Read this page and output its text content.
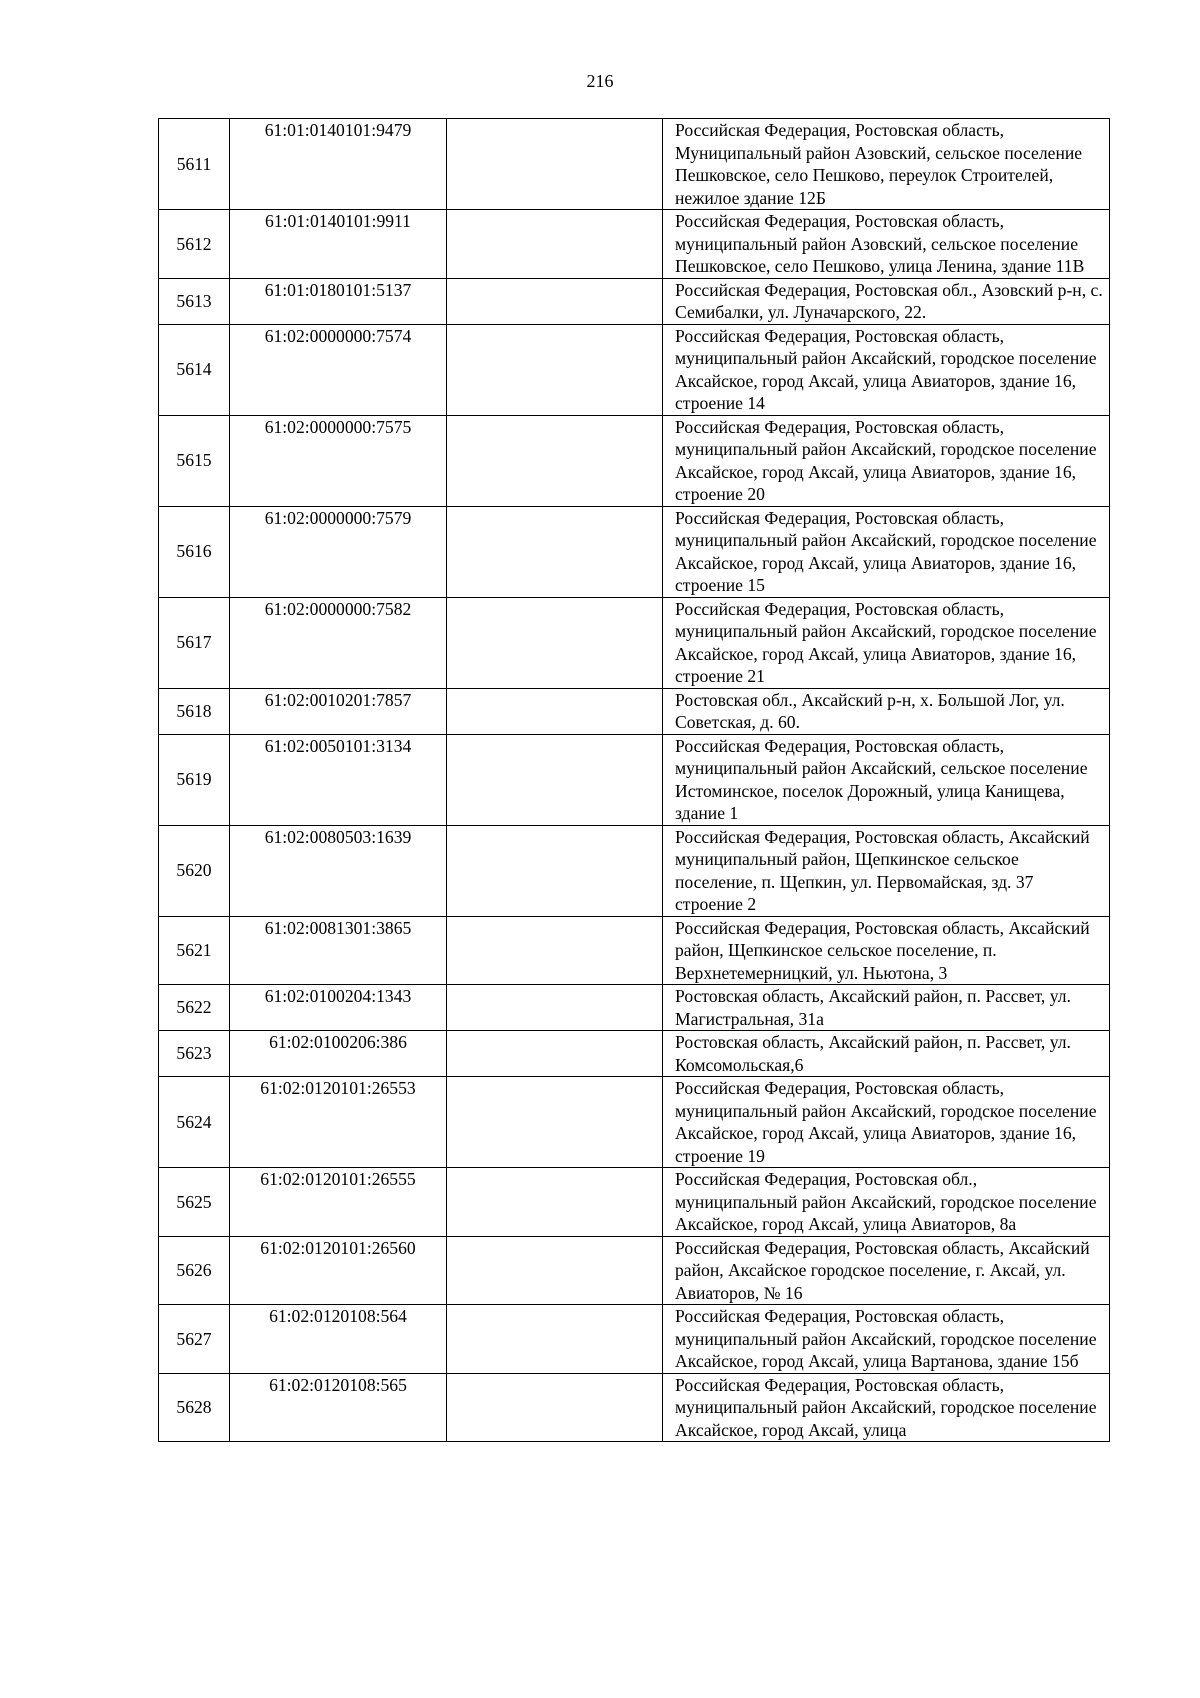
216
5611	61:01:0140101:9479		Российская Федерация, Ростовская область, Муниципальный район Азовский, сельское поселение Пешковское, село Пешково, переулок Строителей, нежилое здание 12Б
5612	61:01:0140101:9911		Российская Федерация, Ростовская область, муниципальный район Азовский, сельское поселение Пешковское, село Пешково, улица Ленина, здание 11В
5613	61:01:0180101:5137		Российская Федерация, Ростовская обл., Азовский р-н, с. Семибалки, ул. Луначарского, 22.
5614	61:02:0000000:7574		Российская Федерация, Ростовская область, муниципальный район Аксайский, городское поселение Аксайское, город Аксай, улица Авиаторов, здание 16, строение 14
5615	61:02:0000000:7575		Российская Федерация, Ростовская область, муниципальный район Аксайский, городское поселение Аксайское, город Аксай, улица Авиаторов, здание 16, строение 20
5616	61:02:0000000:7579		Российская Федерация, Ростовская область, муниципальный район Аксайский, городское поселение Аксайское, город Аксай, улица Авиаторов, здание 16, строение 15
5617	61:02:0000000:7582		Российская Федерация, Ростовская область, муниципальный район Аксайский, городское поселение Аксайское, город Аксай, улица Авиаторов, здание 16, строение 21
5618	61:02:0010201:7857		Ростовская обл., Аксайский р-н, х. Большой Лог, ул. Советская, д. 60.
5619	61:02:0050101:3134		Российская Федерация, Ростовская область, муниципальный район Аксайский, сельское поселение Истоминское, поселок Дорожный, улица Канищева, здание 1
5620	61:02:0080503:1639		Российская Федерация, Ростовская область, Аксайский муниципальный район, Щепкинское сельское поселение, п. Щепкин, ул. Первомайская, зд. 37 строение 2
5621	61:02:0081301:3865		Российская Федерация, Ростовская область, Аксайский район, Щепкинское сельское поселение, п. Верхнетемерницкий, ул. Ньютона, 3
5622	61:02:0100204:1343		Ростовская область, Аксайский район, п. Рассвет, ул. Магистральная, 31а
5623	61:02:0100206:386		Ростовская область, Аксайский район, п. Рассвет, ул. Комсомольская,6
5624	61:02:0120101:26553		Российская Федерация, Ростовская область, муниципальный район Аксайский, городское поселение Аксайское, город Аксай, улица Авиаторов, здание 16, строение 19
5625	61:02:0120101:26555		Российская Федерация, Ростовская обл., муниципальный район Аксайский, городское поселение Аксайское, город Аксай, улица Авиаторов, 8а
5626	61:02:0120101:26560		Российская Федерация, Ростовская область, Аксайский район, Аксайское городское поселение, г. Аксай, ул. Авиаторов, № 16
5627	61:02:0120108:564		Российская Федерация, Ростовская область, муниципальный район Аксайский, городское поселение Аксайское, город Аксай, улица Вартанова, здание 15б
5628	61:02:0120108:565		Российская Федерация, Ростовская область, муниципальный район Аксайский, городское поселение Аксайское, город Аксай, улица
